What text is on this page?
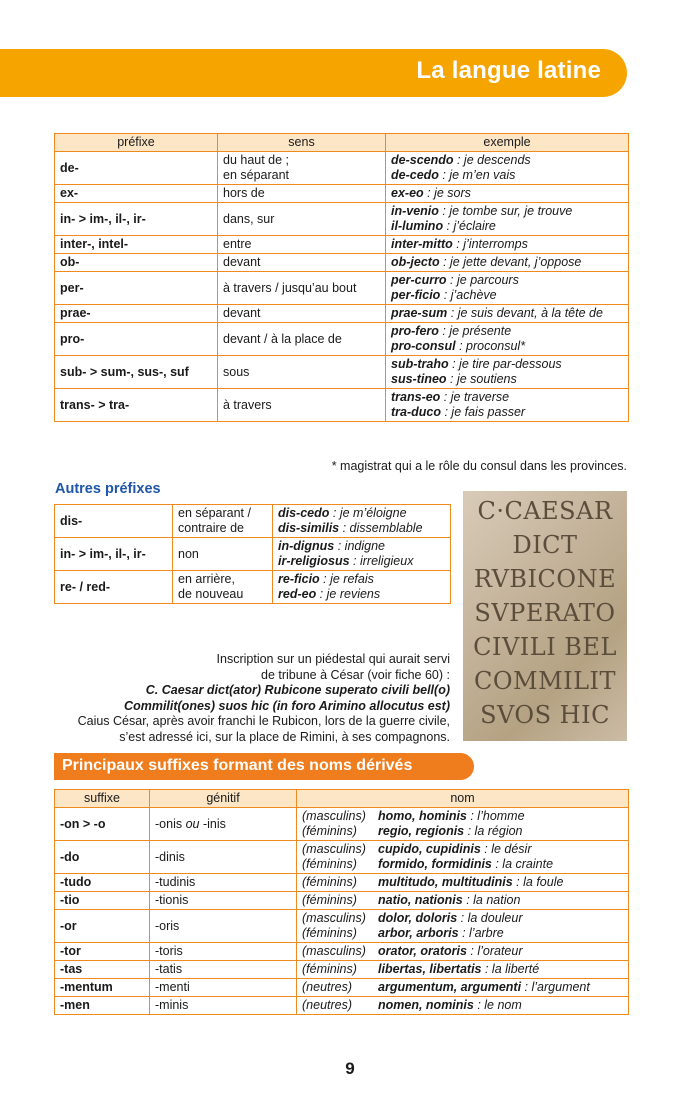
La langue latine
préfixe	sens	exemple
de-	du haut de ;
en séparant	de-scendo : je descends
de-cedo : je m’en vais

ex-	hors de	ex-eo : je sors

in- > im-, il-, ir-	dans, sur	in-venio : je tombe sur, je trouve
il-lumino : j’éclaire

inter-, intel-	entre	inter-mitto : j’interromps

ob-	devant	ob-jecto : je jette devant, j’oppose

per-	à travers / jusqu’au bout	per-curro : je parcours
per-ficio : j’achève

prae-	devant	prae-sum : je suis devant, à la tête de

pro-	devant / à la place de	pro-fero : je présente
pro-consul : proconsul*

sub- > sum-, sus-, suf	sous	sub-traho : je tire par-dessous
sus-tineo : je soutiens

trans- > tra-	à travers	trans-eo : je traverse
tra-duco : je fais passer
* magistrat qui a le rôle du consul dans les provinces.
Autres préfixes
dis-	en séparant /
contraire de	dis-cedo : je m’éloigne
dis-similis : dissemblable

in- > im-, il-, ir-	non	in-dignus : indigne
ir-religiosus : irreligieux

re- / red-	en arrière,
de nouveau	re-ficio : je refais
red-eo : je reviens
C·CAESAR
DICT
RVBICONE
SVPERATO
CIVILI BEL
COMMILIT
SVOS HIC
Inscription sur un piédestal qui aurait servi
de tribune à César (voir fiche 60) :
C. Caesar dict(ator) Rubicone superato civili bell(o)
Commilit(ones) suos hic (in foro Arimino allocutus est)
Caius César, après avoir franchi le Rubicon, lors de la guerre civile,
s’est adressé ici, sur la place de Rimini, à ses compagnons.
Principaux suffixes formant des noms dérivés
suffixe	génitif	nom
-on > -o	-onis ou -inis	(masculins) homo, hominis : l’homme
(féminins) regio, regionis : la région

-do	-dinis	(masculins) cupido, cupidinis : le désir
(féminins) formido, formidinis : la crainte

-tudo	-tudinis	(féminins) multitudo, multitudinis : la foule

-tio	-tionis	(féminins) natio, nationis : la nation

-or	-oris	(masculins) dolor, doloris : la douleur
(féminins) arbor, arboris : l’arbre

-tor	-toris	(masculins) orator, oratoris : l’orateur

-tas	-tatis	(féminins) libertas, libertatis : la liberté

-mentum	-menti	(neutres) argumentum, argumenti : l’argument

-men	-minis	(neutres) nomen, nominis : le nom
9
